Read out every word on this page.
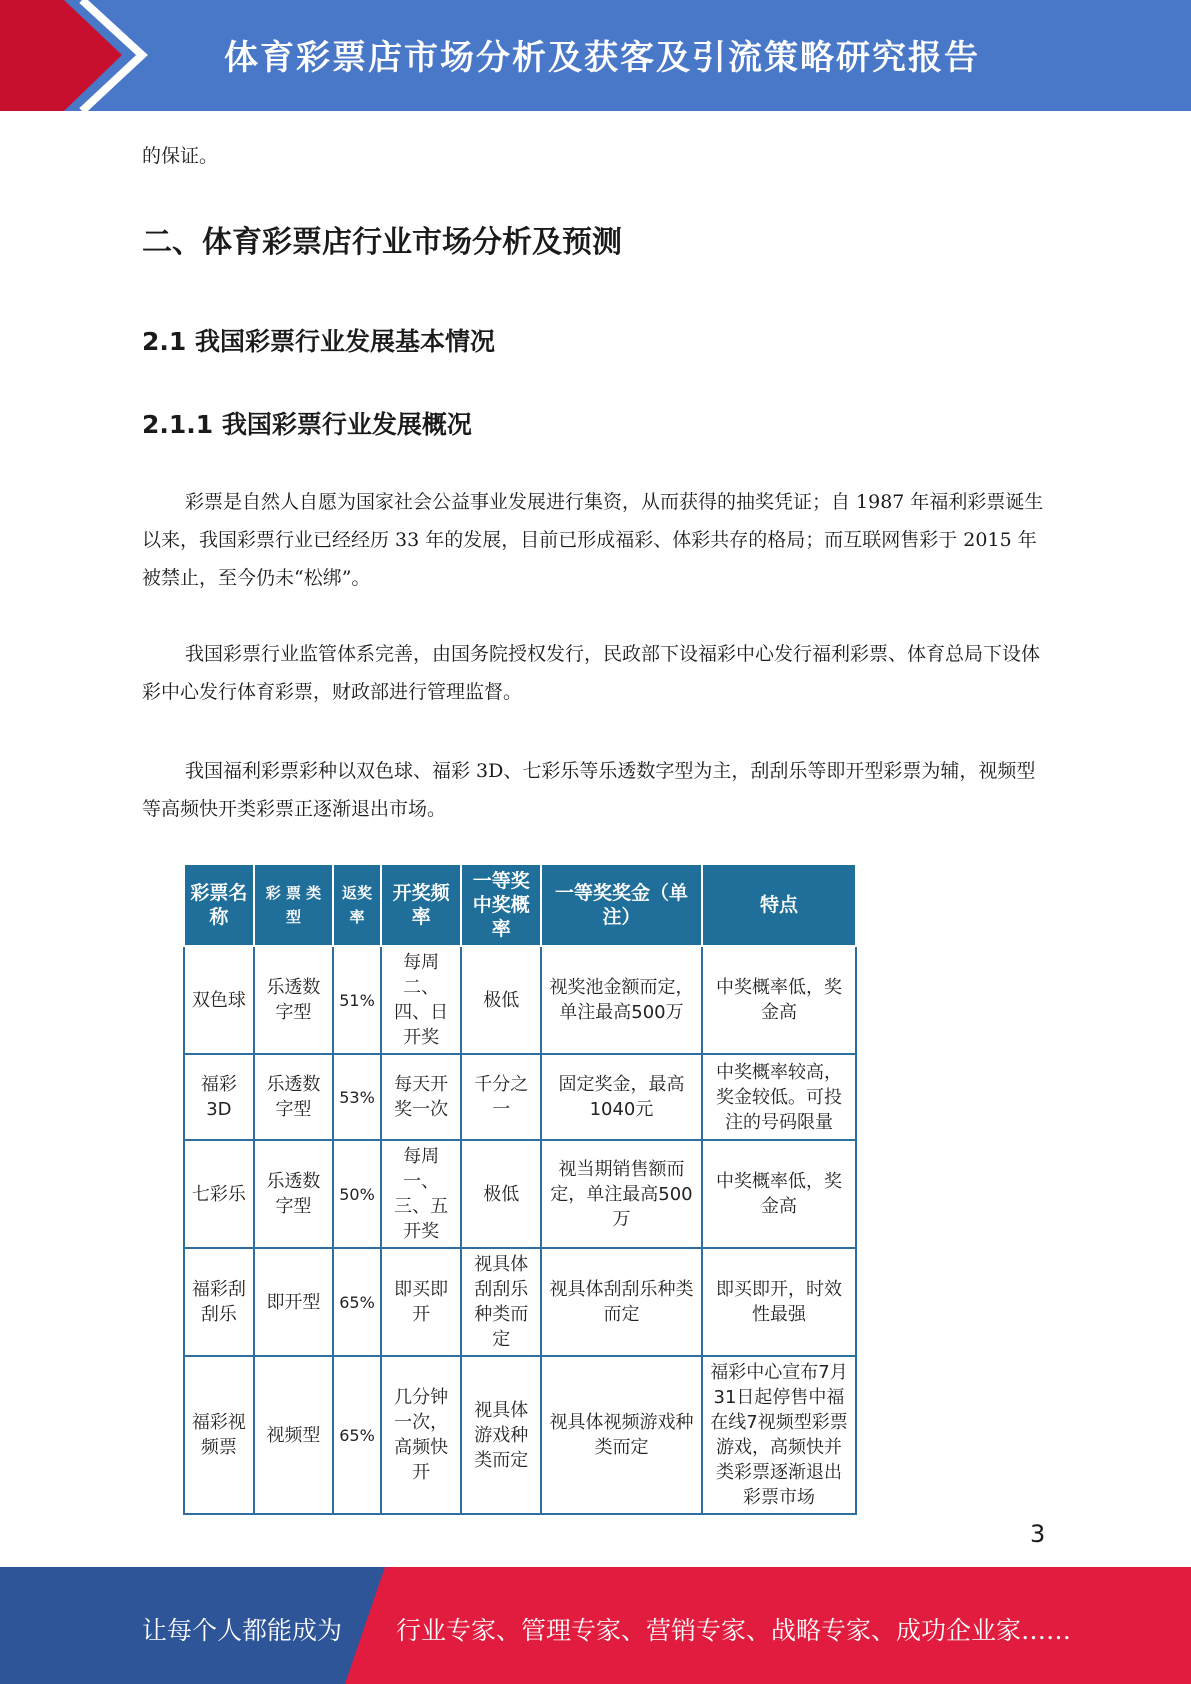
体育彩票店市场分析及获客及引流策略研究报告
的保证。
二、体育彩票店行业市场分析及预测
2.1 我国彩票行业发展基本情况
2.1.1 我国彩票行业发展概况

彩票是自然人自愿为国家社会公益事业发展进行集资，从而获得的抽奖凭证；自 1987 年福利彩票诞生以来，我国彩票行业已经经历 33 年的发展，目前已形成福彩、体彩共存的格局；而互联网售彩于 2015 年被禁止，至今仍未“松绑”。

我国彩票行业监管体系完善，由国务院授权发行，民政部下设福彩中心发行福利彩票、体育总局下设体彩中心发行体育彩票，财政部进行管理监督。

我国福利彩票彩种以双色球、福彩 3D、七彩乐等乐透数字型为主，刮刮乐等即开型彩票为辅，视频型等高频快开类彩票正逐渐退出市场。

彩票名称	彩 票 类 型	返奖率	开奖频率	一等奖中奖概率	一等奖奖金（单注）	特点
双色球	乐透数字型	51%	每周二、四、日开奖	极低	视奖池金额而定，单注最高500万	中奖概率低，奖金高
福彩3D	乐透数字型	53%	每天开奖一次	千分之一	固定奖金，最高1040元	中奖概率较高，奖金较低。可投注的号码限量
七彩乐	乐透数字型	50%	每周一、三、五开奖	极低	视当期销售额而定，单注最高500万	中奖概率低，奖金高
福彩刮刮乐	即开型	65%	即买即开	视具体刮刮乐种类而定	视具体刮刮乐种类而定	即买即开，时效性最强
福彩视频票	视频型	65%	几分钟一次，高频快开	视具体游戏种类而定	视具体视频游戏种类而定	福彩中心宣布7月31日起停售中福在线7视频型彩票游戏，高频快并类彩票逐渐退出彩票市场
3
让每个人都能成为 行业专家、管理专家、营销专家、战略专家、成功企业家……
